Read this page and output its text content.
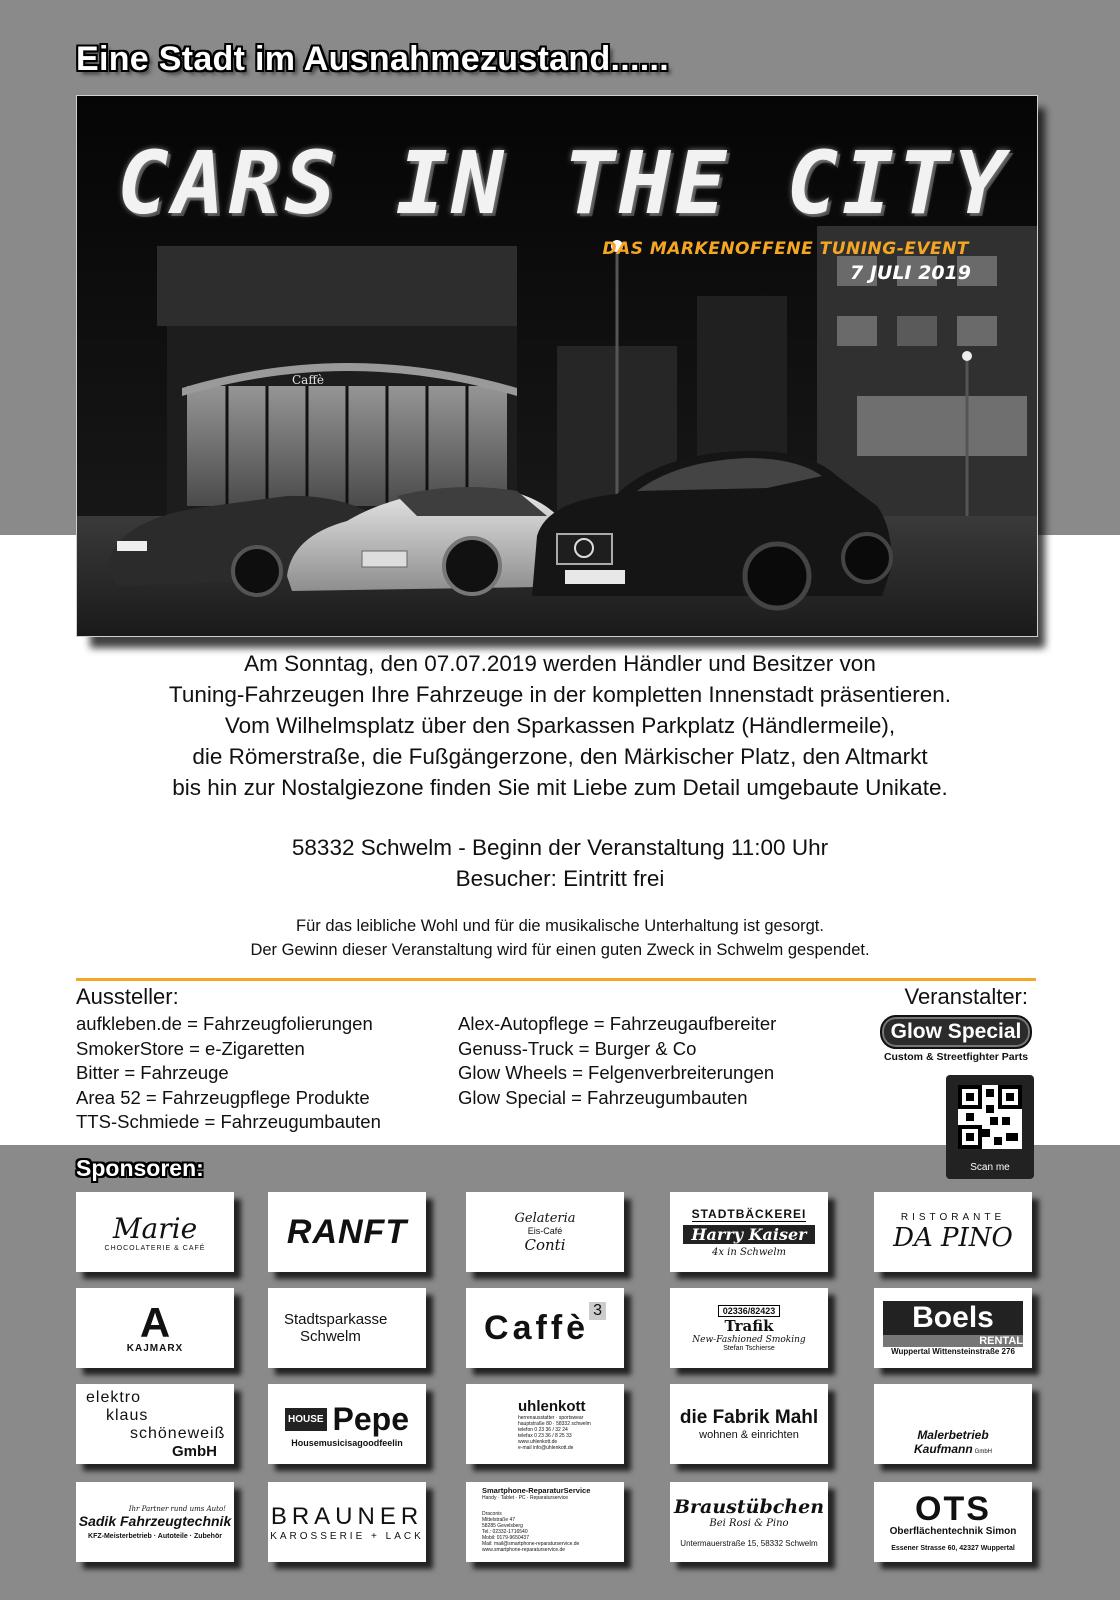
Eine Stadt im Ausnahmezustand......
Caffè
CARS IN THE CITY
DAS MARKENOFFENE TUNING-EVENT
7 JULI 2019
Am Sonntag, den 07.07.2019 werden Händler und Besitzer von
Tuning-Fahrzeugen Ihre Fahrzeuge in der kompletten Innenstadt präsentieren.
Vom Wilhelmsplatz über den Sparkassen Parkplatz (Händlermeile),
die Römerstraße, die Fußgängerzone, den Märkischer Platz, den Altmarkt
bis hin zur Nostalgiezone finden Sie mit Liebe zum Detail umgebaute Unikate.
58332 Schwelm - Beginn der Veranstaltung 11:00 Uhr
Besucher: Eintritt frei
Für das leibliche Wohl und für die musikalische Unterhaltung ist gesorgt.
Der Gewinn dieser Veranstaltung wird für einen guten Zweck in Schwelm gespendet.
Aussteller:
aufkleben.de = Fahrzeugfolierungen
SmokerStore = e-Zigaretten
Bitter = Fahrzeuge
Area 52 = Fahrzeugpflege Produkte
TTS-Schmiede = Fahrzeugumbauten
Alex-Autopflege = Fahrzeugaufbereiter
Genuss-Truck = Burger & Co
Glow Wheels = Felgenverbreiterungen
Glow Special = Fahrzeugumbauten
Veranstalter:
Glow Special
Custom & Streetfighter Parts
Scan me
Sponsoren:
Marie
CHOCOLATERIE & CAFÉ RANFT	Gelateria
Eis-Café
Conti
STADTBÄCKEREI
Harry Kaiser
4x in Schwelm
RISTORANTE
DA PINO
A
KAJMARX
Stadtsparkasse
Schwelm	Caffè 3	02336/82423
Trafik
New-Fashioned Smoking
Stefan Tschierse
Boels
RENTAL
Wuppertal Wittensteinstraße 276
elektro
klaus
schöneweiß
GmbH
HOUSE Pepe
Housemusicisagoodfeelin
uhlenkott
herrenausstatter · sportswear
hauptstraße 80 · 58332 schwelm
telefon 0 23 36 / 32 24
telefax 0 23 36 / 8 25 33
www.uhlenkott.de
e-mail info@uhlenkott.de
die Fabrik Mahl
wohnen & einrichten	Malerbetrieb
Kaufmann GmbH
Ihr Partner rund ums Auto!
Sadik Fahrzeugtechnik
KFZ-Meisterbetrieb · Autoteile · Zubehör
BRAUNER
KAROSSERIE + LACK
Smartphone-ReparaturService
Handy · Tablet · PC · Reparaturservice
Draconis
Mittelstraße 47
58285 Gevelsberg
Tel.: 02332-1716540
Mobil: 0179-9650437
Mail: mail@smartphone-reparaturservice.de
www.smartphone-reparaturservice.de
Braustübchen
Bei Rosi & Pino
Untermauerstraße 15, 58332 Schwelm
OTS
Oberflächentechnik Simon
Essener Strasse 60, 42327 Wuppertal
